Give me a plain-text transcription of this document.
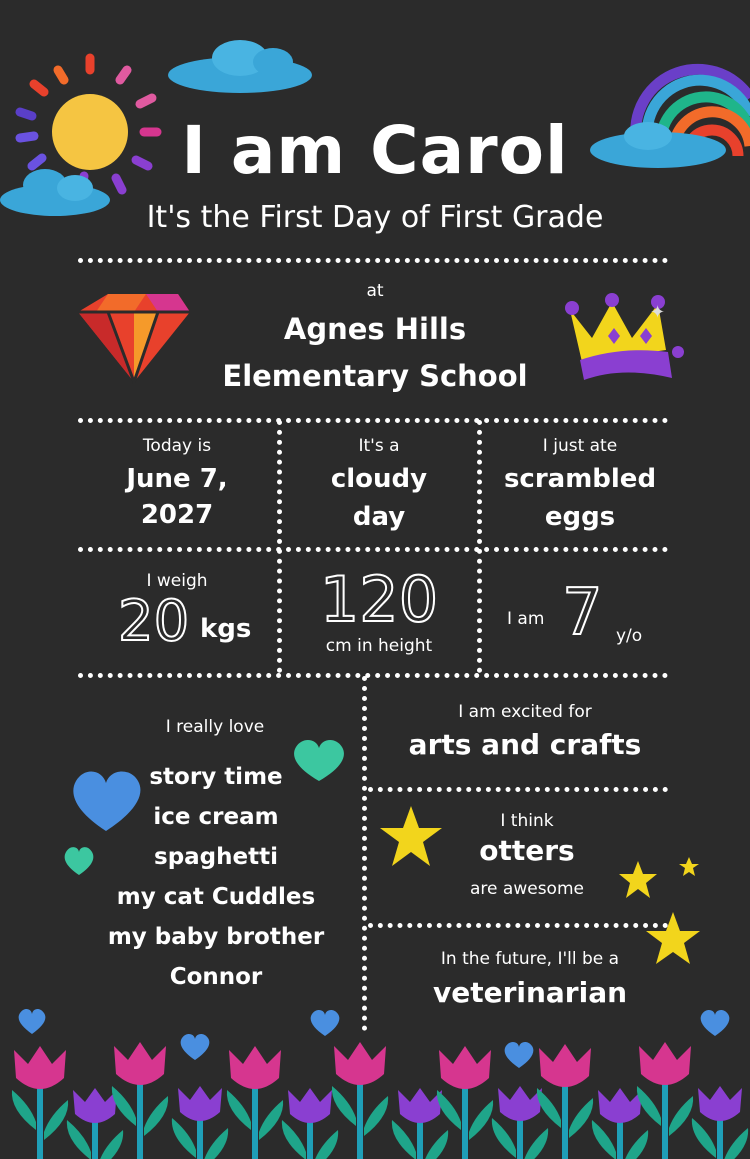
I am Carol
It's the First Day of First Grade
at
Agnes Hills
Elementary School
✦
Today is
June 7,
2027
It's a
cloudy
day
I just ate
scrambled
eggs
I weigh
20 kgs	120
cm in height
I am 7 y/o
I really love
story time
ice cream
spaghetti
my cat Cuddles
my baby brother
Connor
I am excited for
arts and crafts
I think
otters
are awesome
In the future, I'll be a
veterinarian
